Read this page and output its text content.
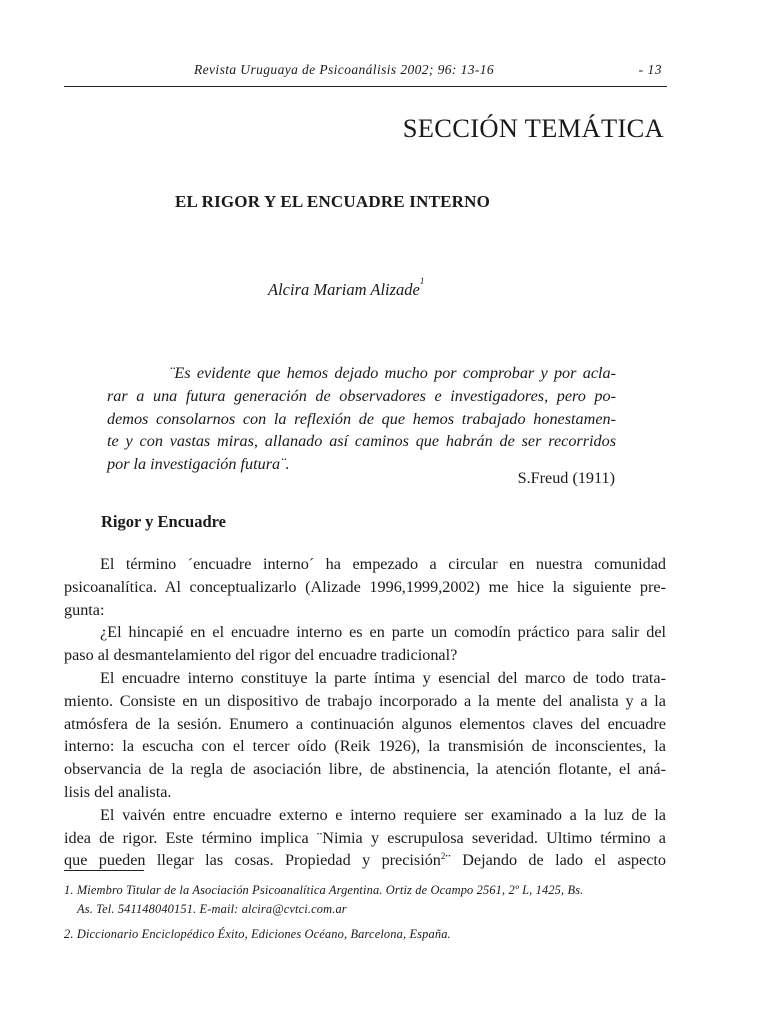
Revista Uruguaya de Psicoanálisis 2002; 96: 13-16	- 13
SECCIÓN TEMÁTICA
EL RIGOR Y EL ENCUADRE INTERNO
Alcira Mariam Alizade$^1$
¨Es evidente que hemos dejado mucho por comprobar y por acla-
rar a una futura generación de observadores e investigadores, pero po-
demos consolarnos con la reflexión de que hemos trabajado honestamen-
te y con vastas miras, allanado así caminos que habrán de ser recorridos
por la investigación futura¨.
S.Freud (1911)
Rigor y Encuadre
El término ´encuadre interno´ ha empezado a circular en nuestra comunidad
psicoanalítica. Al conceptualizarlo (Alizade 1996,1999,2002) me hice la siguiente pre-
gunta:
¿El hincapié en el encuadre interno es en parte un comodín práctico para salir del
paso al desmantelamiento del rigor del encuadre tradicional?
El encuadre interno constituye la parte íntima y esencial del marco de todo trata-
miento. Consiste en un dispositivo de trabajo incorporado a la mente del analista y a la
atmósfera de la sesión. Enumero a continuación algunos elementos claves del encuadre
interno: la escucha con el tercer oído (Reik 1926), la transmisión de inconscientes, la
observancia de la regla de asociación libre, de abstinencia, la atención flotante, el aná-
lisis del analista.
El vaivén entre encuadre externo e interno requiere ser examinado a la luz de la
idea de rigor. Este término implica ¨Nimia y escrupulosa severidad. Ultimo término a
que pueden llegar las cosas. Propiedad y precisión$^2$¨ Dejando de lado el aspecto
1. Miembro Titular de la Asociación Psicoanalítica Argentina. Ortiz de Ocampo 2561, 2º L, 1425, Bs.
As. Tel. 541148040151. E-mail: alcira@cvtci.com.ar
2. Diccionario Enciclopédico Éxito, Ediciones Océano, Barcelona, España.
